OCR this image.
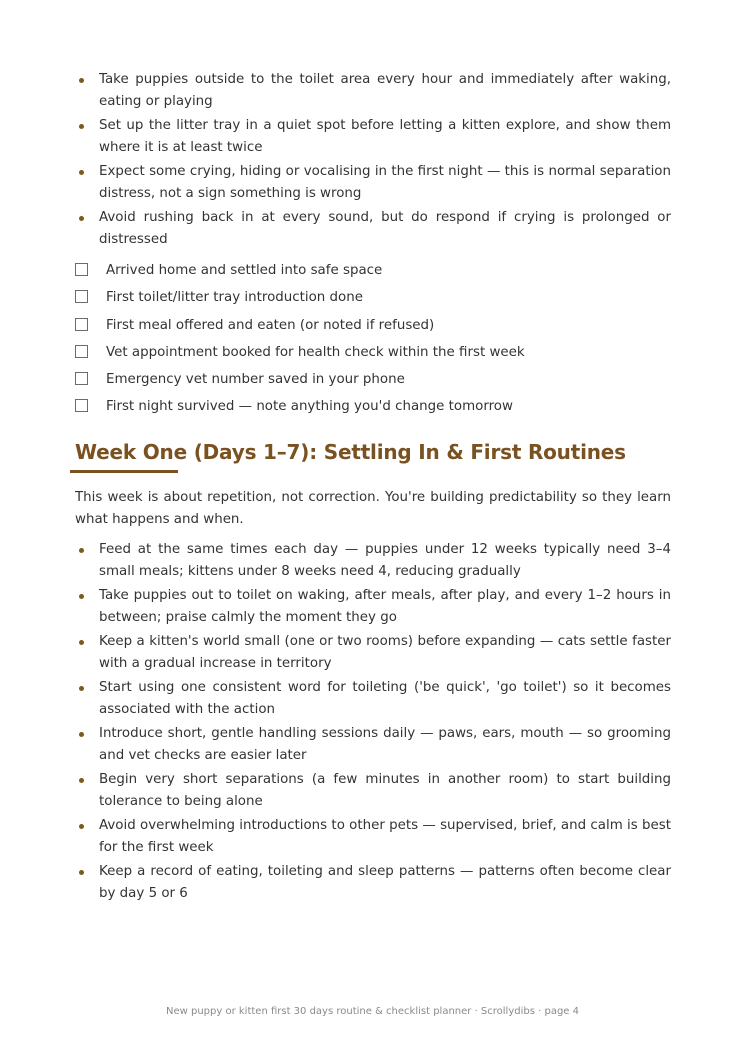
Take puppies outside to the toilet area every hour and immediately after waking, eating or playing
Set up the litter tray in a quiet spot before letting a kitten explore, and show them where it is at least twice
Expect some crying, hiding or vocalising in the first night — this is normal separation distress, not a sign something is wrong
Avoid rushing back in at every sound, but do respond if crying is prolonged or distressed
Arrived home and settled into safe space
First toilet/litter tray introduction done
First meal offered and eaten (or noted if refused)
Vet appointment booked for health check within the first week
Emergency vet number saved in your phone
First night survived — note anything you'd change tomorrow
Week One (Days 1–7): Settling In & First Routines

This week is about repetition, not correction. You're building predictability so they learn what happens and when.

Feed at the same times each day — puppies under 12 weeks typically need 3–4 small meals; kittens under 8 weeks need 4, reducing gradually
Take puppies out to toilet on waking, after meals, after play, and every 1–2 hours in between; praise calmly the moment they go
Keep a kitten's world small (one or two rooms) before expanding — cats settle faster with a gradual increase in territory
Start using one consistent word for toileting ('be quick', 'go toilet') so it becomes associated with the action
Introduce short, gentle handling sessions daily — paws, ears, mouth — so grooming and vet checks are easier later
Begin very short separations (a few minutes in another room) to start building tolerance to being alone
Avoid overwhelming introductions to other pets — supervised, brief, and calm is best for the first week
Keep a record of eating, toileting and sleep patterns — patterns often become clear by day 5 or 6
New puppy or kitten first 30 days routine & checklist planner · Scrollydibs · page 4
